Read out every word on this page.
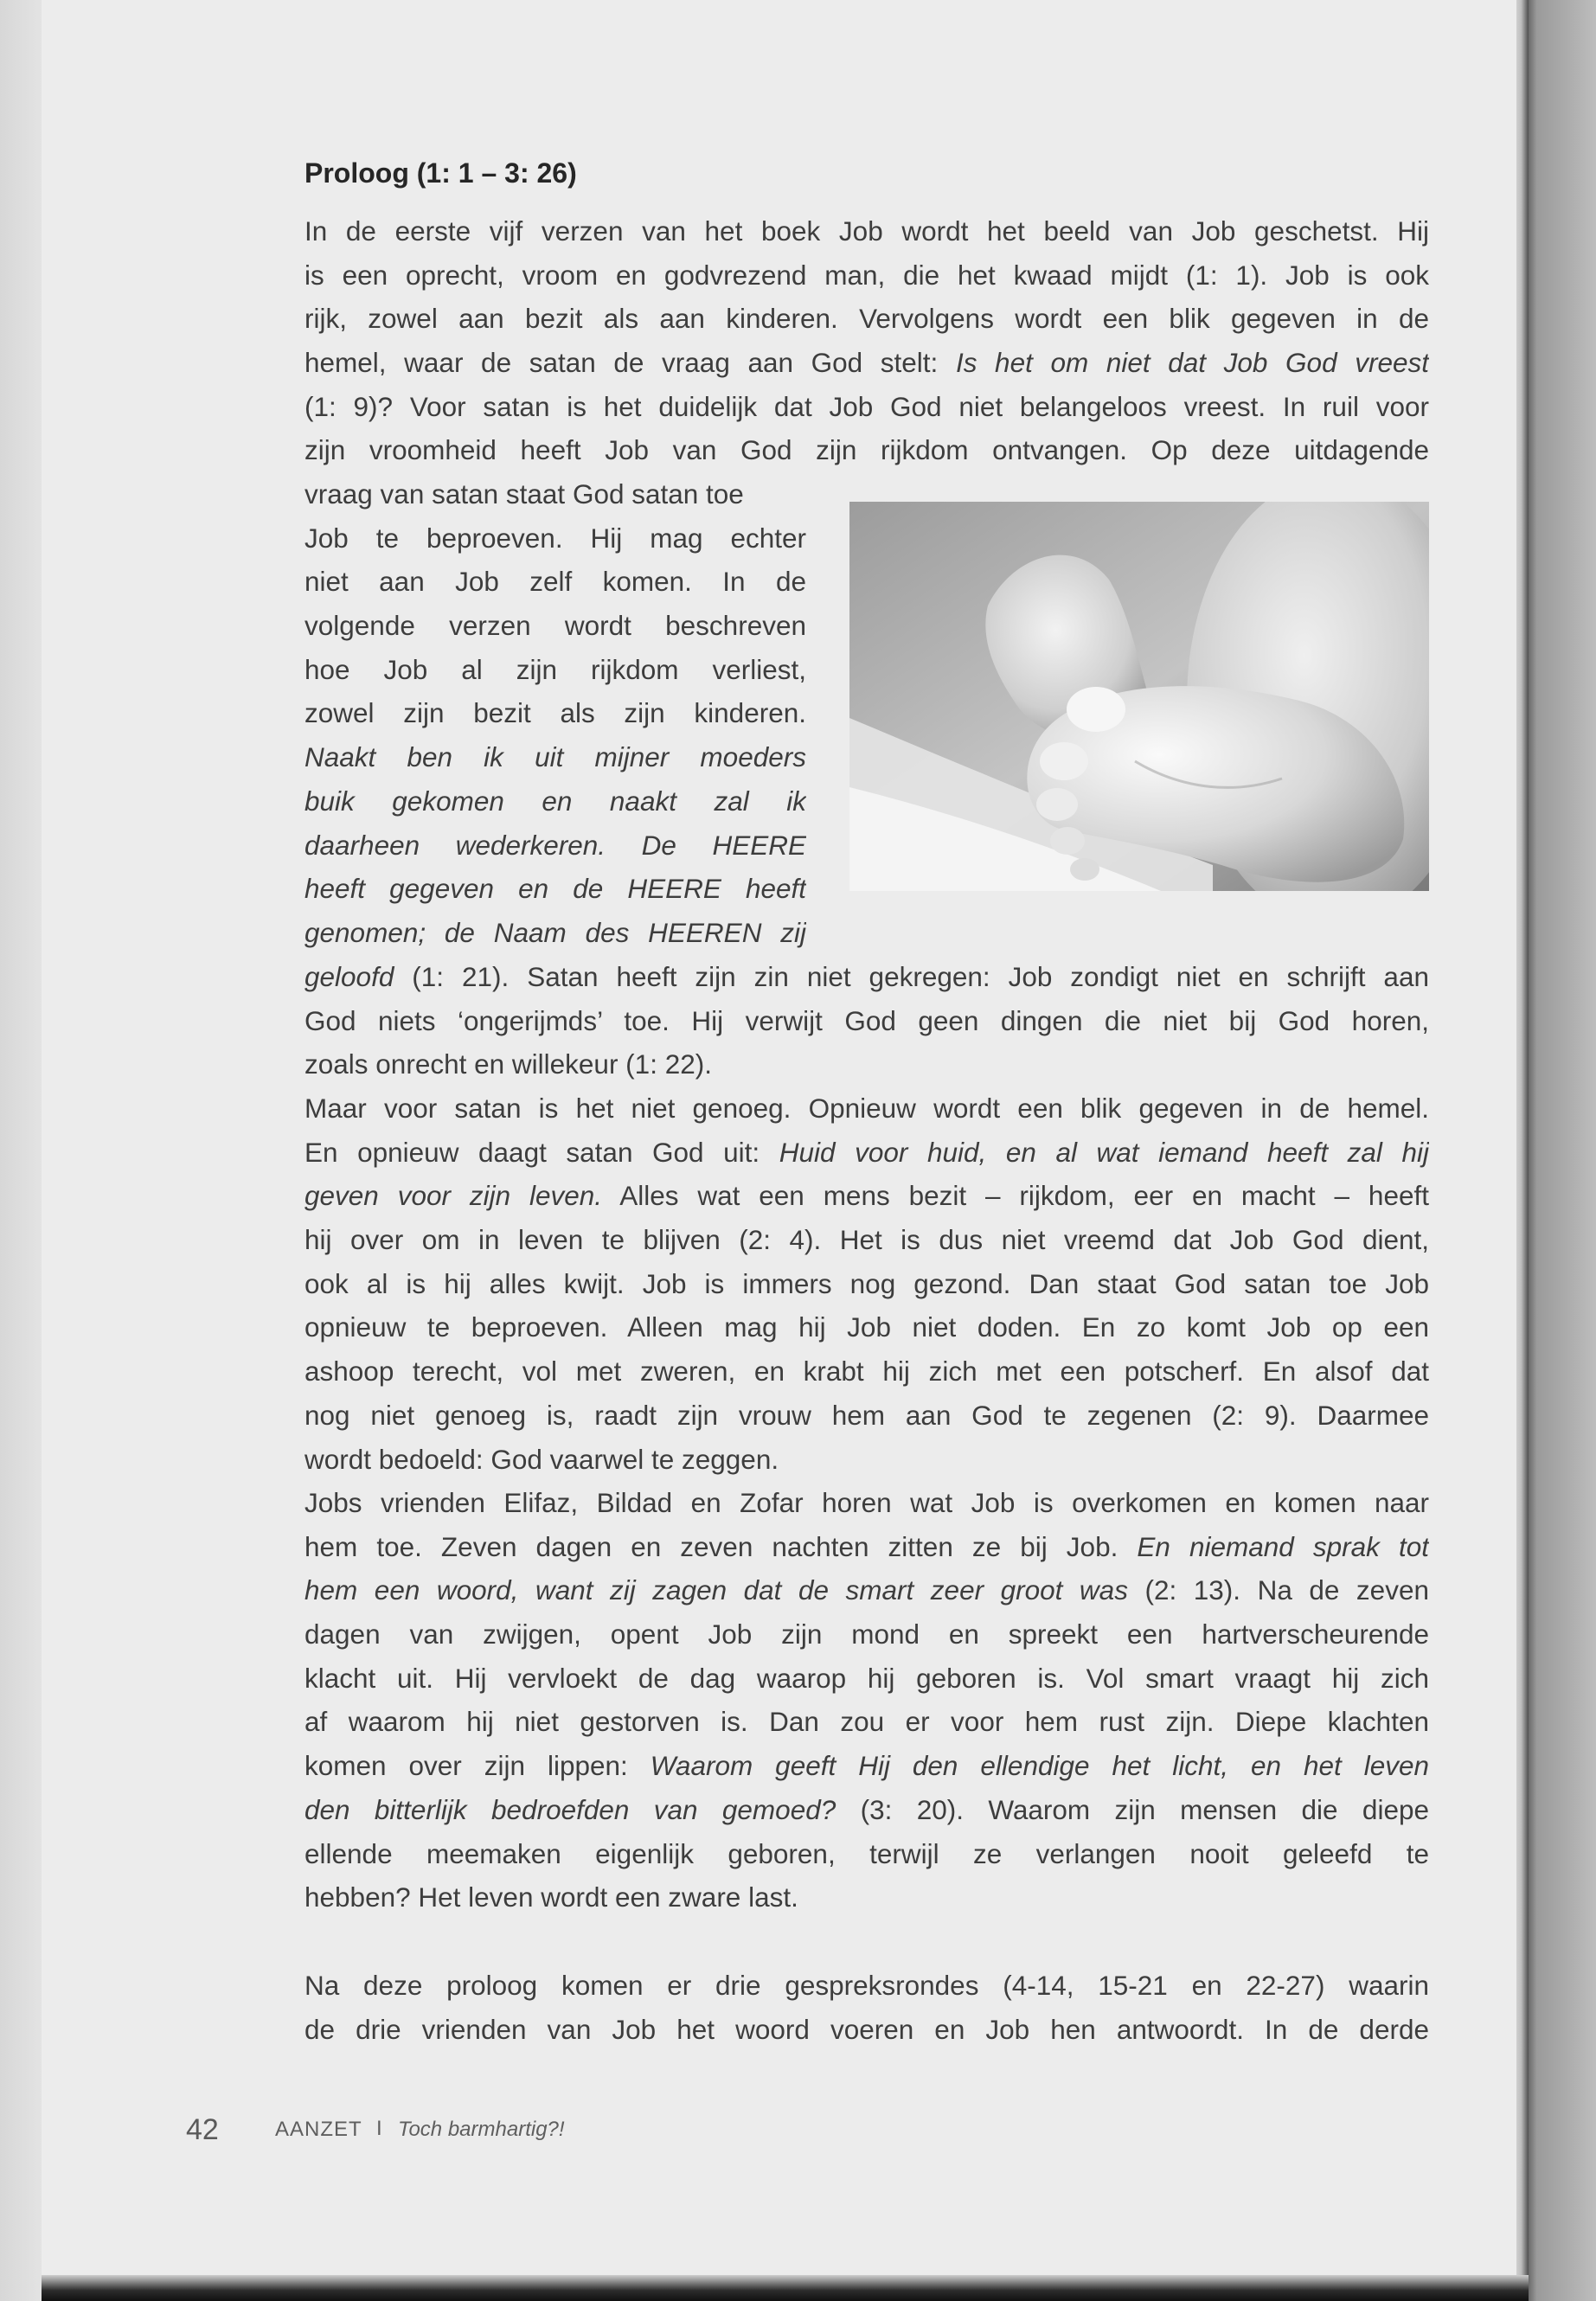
Proloog (1: 1 – 3: 26)
In de eerste vijf verzen van het boek Job wordt het beeld van Job geschetst. Hij
is een oprecht, vroom en godvrezend man, die het kwaad mijdt (1: 1). Job is ook
rijk, zowel aan bezit als aan kinderen. Vervolgens wordt een blik gegeven in de
hemel, waar de satan de vraag aan God stelt: Is het om niet dat Job God vreest
(1: 9)? Voor satan is het duidelijk dat Job God niet belangeloos vreest. In ruil voor
zijn vroomheid heeft Job van God zijn rijkdom ontvangen. Op deze uitdagende
vraag van satan staat God satan toe
Job te beproeven. Hij mag echter
niet aan Job zelf komen. In de
volgende verzen wordt beschreven
hoe Job al zijn rijkdom verliest,
zowel zijn bezit als zijn kinderen.
Naakt ben ik uit mijner moeders
buik gekomen en naakt zal ik
daarheen wederkeren. De HEERE
heeft gegeven en de HEERE heeft
genomen; de Naam des HEEREN zij
geloofd (1: 21). Satan heeft zijn zin niet gekregen: Job zondigt niet en schrijft aan
God niets ‘ongerijmds’ toe. Hij verwijt God geen dingen die niet bij God horen,
zoals onrecht en willekeur (1: 22).
Maar voor satan is het niet genoeg. Opnieuw wordt een blik gegeven in de hemel.
En opnieuw daagt satan God uit: Huid voor huid, en al wat iemand heeft zal hij
geven voor zijn leven. Alles wat een mens bezit – rijkdom, eer en macht – heeft
hij over om in leven te blijven (2: 4). Het is dus niet vreemd dat Job God dient,
ook al is hij alles kwijt. Job is immers nog gezond. Dan staat God satan toe Job
opnieuw te beproeven. Alleen mag hij Job niet doden. En zo komt Job op een
ashoop terecht, vol met zweren, en krabt hij zich met een potscherf. En alsof dat
nog niet genoeg is, raadt zijn vrouw hem aan God te zegenen (2: 9). Daarmee
wordt bedoeld: God vaarwel te zeggen.
Jobs vrienden Elifaz, Bildad en Zofar horen wat Job is overkomen en komen naar
hem toe. Zeven dagen en zeven nachten zitten ze bij Job. En niemand sprak tot
hem een woord, want zij zagen dat de smart zeer groot was (2: 13). Na de zeven
dagen van zwijgen, opent Job zijn mond en spreekt een hartverscheurende
klacht uit. Hij vervloekt de dag waarop hij geboren is. Vol smart vraagt hij zich
af waarom hij niet gestorven is. Dan zou er voor hem rust zijn. Diepe klachten
komen over zijn lippen: Waarom geeft Hij den ellendige het licht, en het leven
den bitterlijk bedroefden van gemoed? (3: 20). Waarom zijn mensen die diepe
ellende meemaken eigenlijk geboren, terwijl ze verlangen nooit geleefd te
hebben? Het leven wordt een zware last.
Na deze proloog komen er drie gespreksrondes (4-14, 15-21 en 22-27) waarin
de drie vrienden van Job het woord voeren en Job hen antwoordt. In de derde
42	AANZET I Toch barmhartig?!
